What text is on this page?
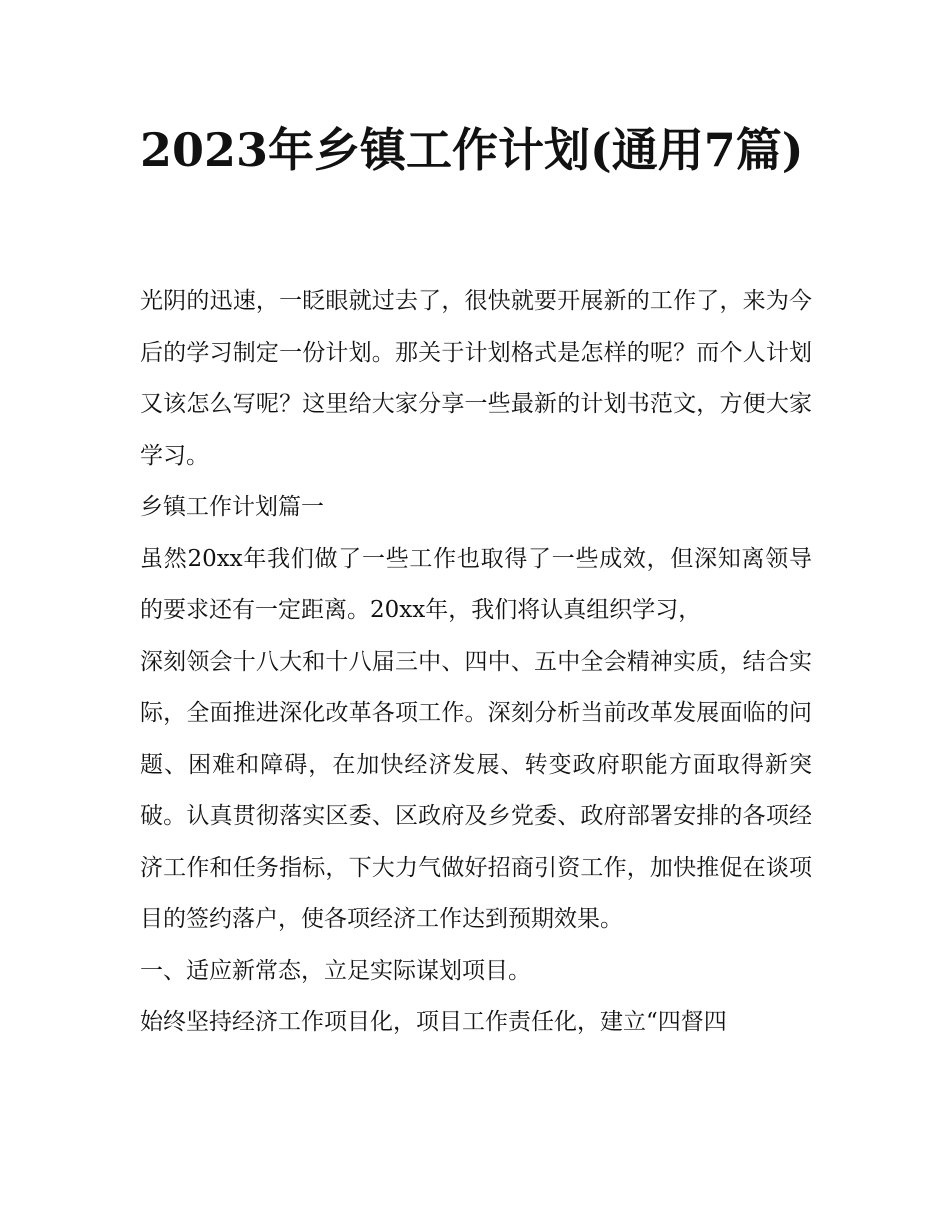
2023年乡镇工作计划(通用7篇)

光阴的迅速，一眨眼就过去了，很快就要开展新的工作了，来为今后的学习制定一份计划。那关于计划格式是怎样的呢？而个人计划又该怎么写呢？这里给大家分享一些最新的计划书范文，方便大家学习。

乡镇工作计划篇一

虽然20xx年我们做了一些工作也取得了一些成效，但深知离领导的要求还有一定距离。20xx年，我们将认真组织学习，

深刻领会十八大和十八届三中、四中、五中全会精神实质，结合实际，全面推进深化改革各项工作。深刻分析当前改革发展面临的问题、困难和障碍，在加快经济发展、转变政府职能方面取得新突破。认真贯彻落实区委、区政府及乡党委、政府部署安排的各项经济工作和任务指标，下大力气做好招商引资工作，加快推促在谈项目的签约落户，使各项经济工作达到预期效果。

一、适应新常态，立足实际谋划项目。

始终坚持经济工作项目化，项目工作责任化，建立“四督四
